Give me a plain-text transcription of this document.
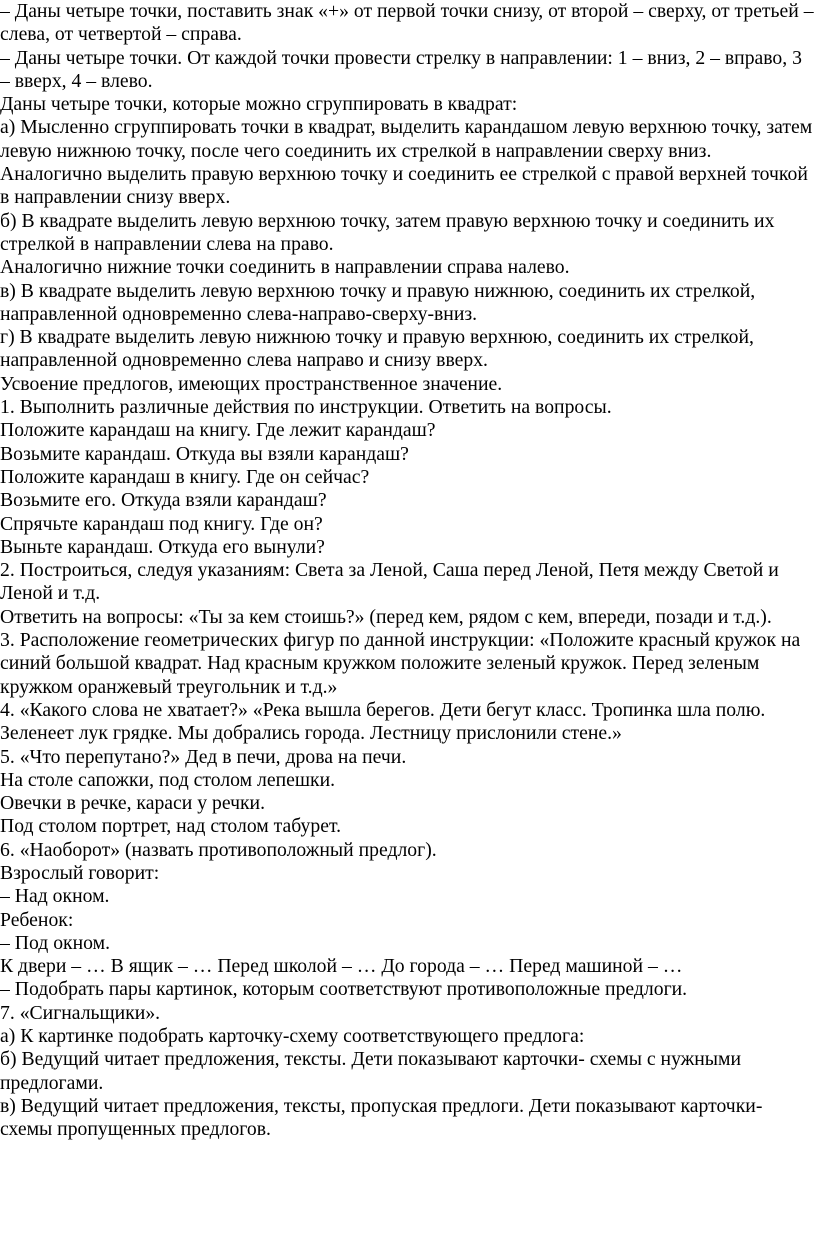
– Даны четыре точки, поставить знак «+» от первой точки снизу, от второй – сверху, от третьей – слева, от четвертой – справа.

– Даны четыре точки. От каждой точки провести стрелку в направлении: 1 – вниз, 2 – вправо, 3 – вверх, 4 – влево.

Даны четыре точки, которые можно сгруппировать в квадрат:

а) Мысленно сгруппировать точки в квадрат, выделить карандашом левую верхнюю точку, затем левую нижнюю точку, после чего соединить их стрелкой в направлении сверху вниз.

Аналогично выделить правую верхнюю точку и соединить ее стрелкой с правой верхней точкой в направлении снизу вверх.

б) В квадрате выделить левую верхнюю точку, затем правую верхнюю точку и соединить их стрелкой в направлении слева на право.

Аналогично нижние точки соединить в направлении справа налево.

в) В квадрате выделить левую верхнюю точку и правую нижнюю, соединить их стрелкой, направленной одновременно слева-направо-сверху-вниз.

г) В квадрате выделить левую нижнюю точку и правую верхнюю, соединить их стрелкой, направленной одновременно слева направо и снизу вверх.

Усвоение предлогов, имеющих пространственное значение.

1. Выполнить различные действия по инструкции. Ответить на вопросы.

Положите карандаш на книгу. Где лежит карандаш?

Возьмите карандаш. Откуда вы взяли карандаш?

Положите карандаш в книгу. Где он сейчас?

Возьмите его. Откуда взяли карандаш?

Спрячьте карандаш под книгу. Где он?

Выньте карандаш. Откуда его вынули?

2. Построиться, следуя указаниям: Света за Леной, Саша перед Леной, Петя между Светой и Леной и т.д.

Ответить на вопросы: «Ты за кем стоишь?» (перед кем, рядом с кем, впереди, позади и т.д.).

3. Расположение геометрических фигур по данной инструкции: «Положите красный кружок на синий большой квадрат. Над красным кружком положите зеленый кружок. Перед зеленым кружком оранжевый треугольник и т.д.»

4. «Какого слова не хватает?» «Река вышла берегов. Дети бегут класс. Тропинка шла полю.

Зеленеет лук грядке. Мы добрались города. Лестницу прислонили стене.»

5. «Что перепутано?» Дед в печи, дрова на печи.

На столе сапожки, под столом лепешки.

Овечки в речке, караси у речки.

Под столом портрет, над столом табурет.

6. «Наоборот» (назвать противоположный предлог).

Взрослый говорит:

– Над окном.

Ребенок:

– Под окном.

К двери – … В ящик – … Перед школой – … До города – … Перед машиной – …

– Подобрать пары картинок, которым соответствуют противоположные предлоги.

7. «Сигнальщики».

а) К картинке подобрать карточку-схему соответствующего предлога:

б) Ведущий читает предложения, тексты. Дети показывают карточки- схемы с нужными предлогами.

в) Ведущий читает предложения, тексты, пропуская предлоги. Дети показывают карточки-схемы пропущенных предлогов.
